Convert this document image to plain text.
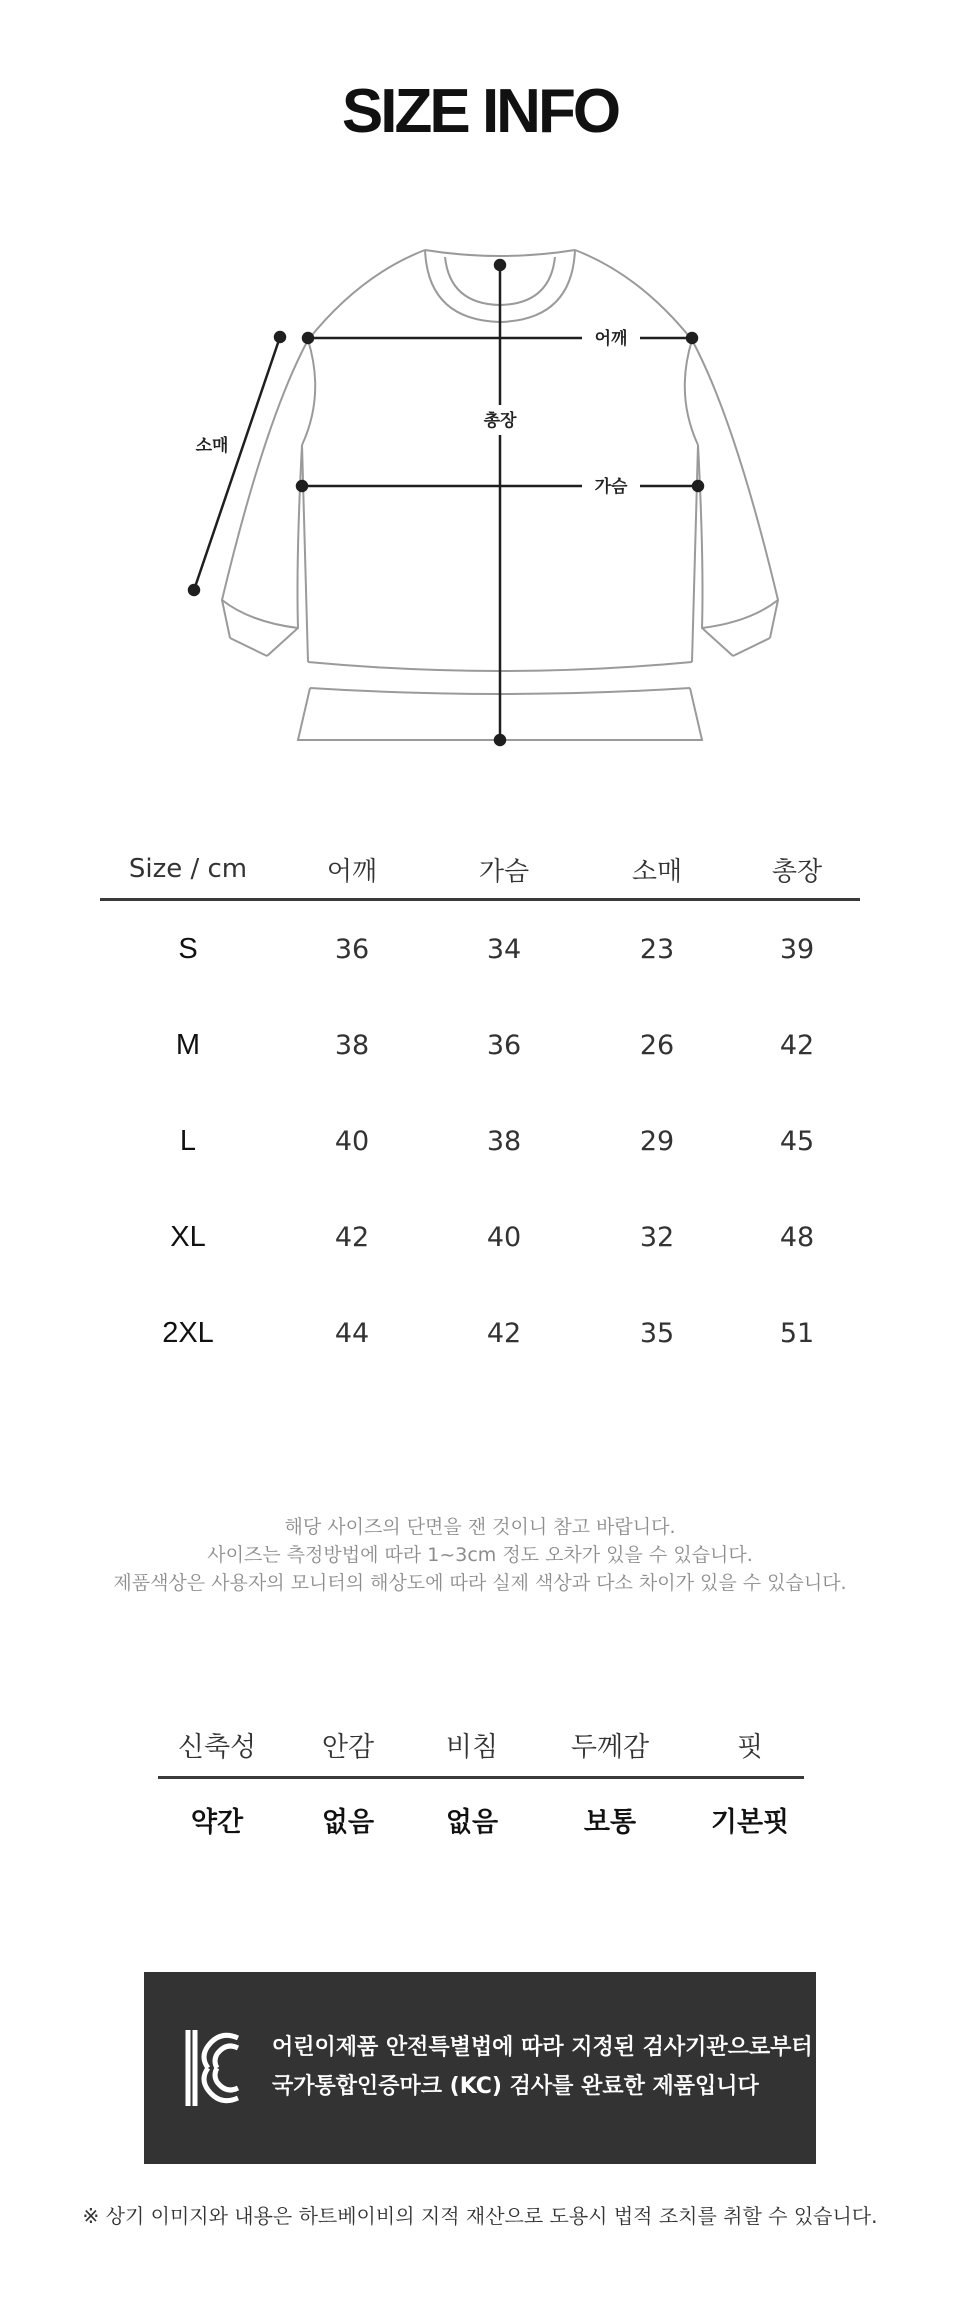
SIZE INFO
어깨
가슴
총장
소매
Size / cm	어깨	가슴	소매	총장
S	36	34	23	39
M	38	36	26	42
L	40	38	29	45
XL	42	40	32	48
2XL	44	42	35	51
해당 사이즈의 단면을 잰 것이니 참고 바랍니다.
사이즈는 측정방법에 따라 1~3cm 정도 오차가 있을 수 있습니다.
제품색상은 사용자의 모니터의 해상도에 따라 실제 색상과 다소 차이가 있을 수 있습니다.
신축성	안감	비침	두께감	핏
약간	없음	없음	보통	기본핏
어린이제품 안전특별법에 따라 지정된 검사기관으로부터
국가통합인증마크 (KC) 검사를 완료한 제품입니다
※ 상기 이미지와 내용은 하트베이비의 지적 재산으로 도용시 법적 조치를 취할 수 있습니다.
